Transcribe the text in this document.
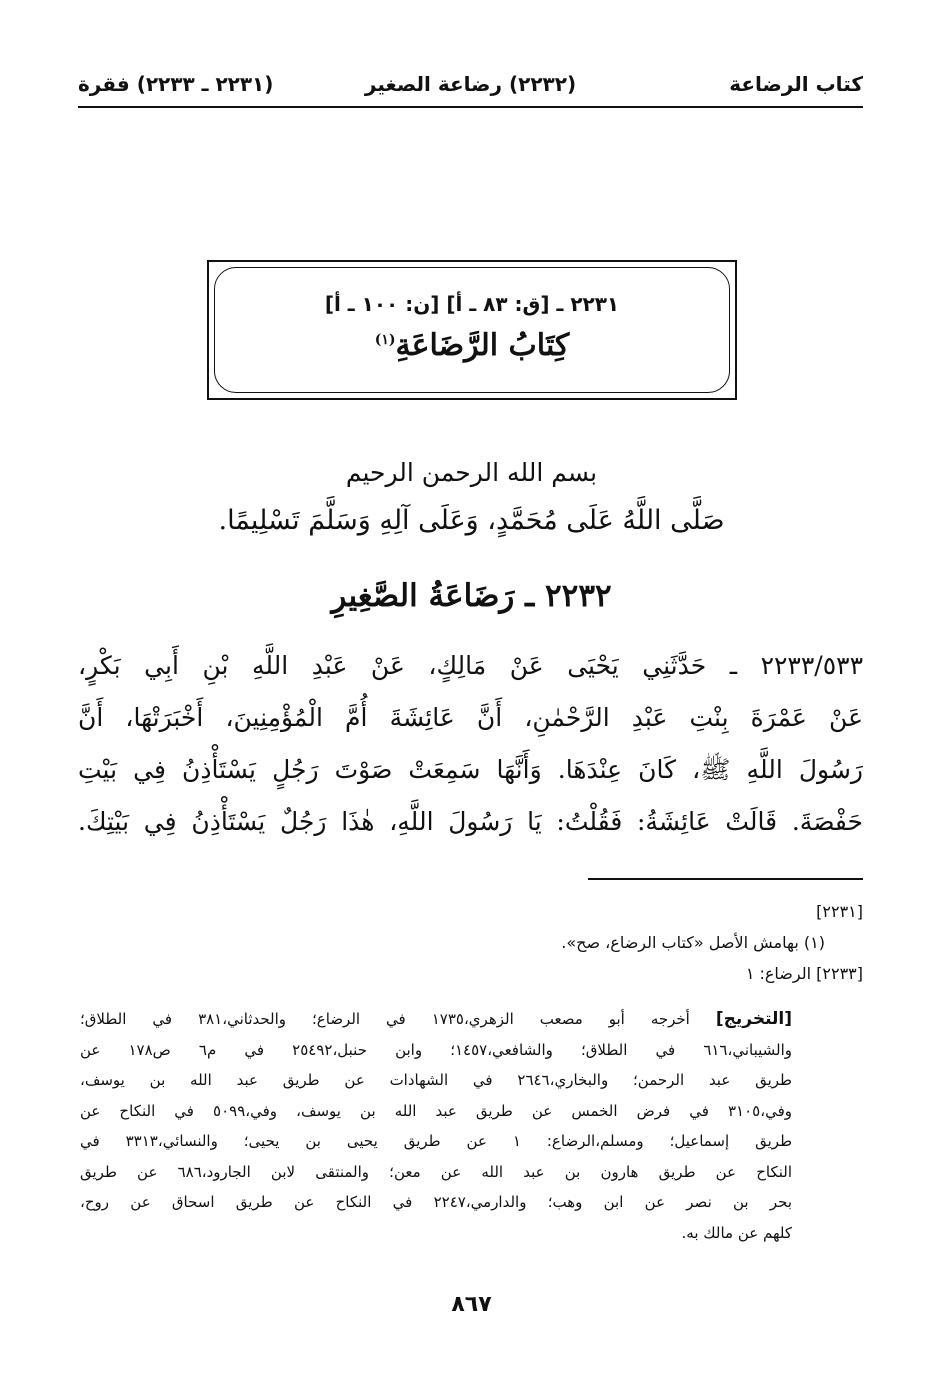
كتاب الرضاعة
(٢٢٣٢) رضاعة الصغير
(٢٢٣١ ـ ٢٢٣٣) فقرة
٢٢٣١ ـ [ق: ٨٣ ـ أ] [ن: ١٠٠ ـ أ]
كِتَابُ الرَّضَاعَةِ$^{(١)}$
بسم الله الرحمن الرحيم
صَلَّى اللَّهُ عَلَى مُحَمَّدٍ، وَعَلَى آلِهِ وَسَلَّمَ تَسْلِيمًا.
٢٢٣٢ ـ رَضَاعَةُ الصَّغِيرِ
٢٢٣٣/٥٣٣ ـ حَدَّثَنِي يَحْيَى عَنْ مَالِكٍ، عَنْ عَبْدِ اللَّهِ بْنِ أَبِي بَكْرٍ،
عَنْ عَمْرَةَ بِنْتِ عَبْدِ الرَّحْمٰنِ، أَنَّ عَائِشَةَ أُمَّ الْمُؤْمِنِينَ، أَخْبَرَتْهَا، أَنَّ
رَسُولَ اللَّهِ ﷺ، كَانَ عِنْدَهَا. وَأَنَّهَا سَمِعَتْ صَوْتَ رَجُلٍ يَسْتَأْذِنُ فِي بَيْتِ
حَفْصَةَ. قَالَتْ عَائِشَةُ: فَقُلْتُ: يَا رَسُولَ اللَّهِ، هٰذَا رَجُلٌ يَسْتَأْذِنُ فِي بَيْتِكَ.
[٢٢٣١]
(١) بهامش الأصل «كتاب الرضاع، صح».
[٢٢٣٣] الرضاع: ١
[التخريج] أخرجه أبو مصعب الزهري،١٧٣٥ في الرضاع؛ والحدثاني،٣٨١ في الطلاق؛
والشيباني،٦١٦ في الطلاق؛ والشافعي،١٤٥٧؛ وابن حنبل،٢٥٤٩٢ في م٦ ص١٧٨ عن
طريق عبد الرحمن؛ والبخاري،٢٦٤٦ في الشهادات عن طريق عبد الله بن يوسف،
وفي،٣١٠٥ في فرض الخمس عن طريق عبد الله بن يوسف، وفي،٥٠٩٩ في النكاح عن
طريق إسماعيل؛ ومسلم،الرضاع: ١ عن طريق يحيى بن يحيى؛ والنسائي،٣٣١٣ في
النكاح عن طريق هارون بن عبد الله عن معن؛ والمنتقى لابن الجارود،٦٨٦ عن طريق
بحر بن نصر عن ابن وهب؛ والدارمي،٢٢٤٧ في النكاح عن طريق اسحاق عن روح،
كلهم عن مالك به.
٨٦٧
